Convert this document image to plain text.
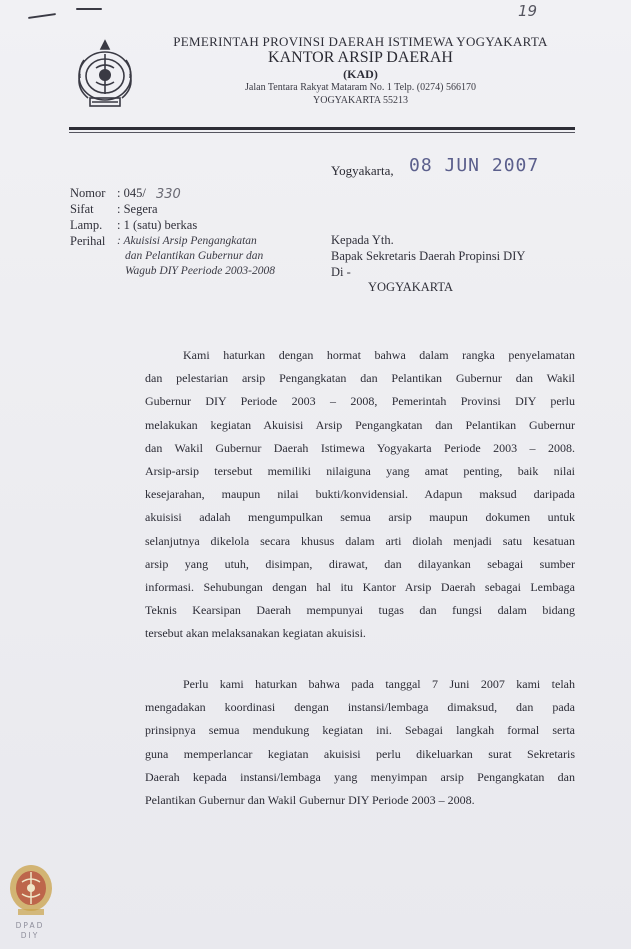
19
PEMERINTAH PROVINSI DAERAH ISTIMEWA YOGYAKARTA
KANTOR ARSIP DAERAH
(KAD)
Jalan Tentara Rakyat Mataram No. 1 Telp. (0274) 566170
YOGYAKARTA 55213
Yogyakarta, 08 JUN 2007
Nomor : 045/ 330
Sifat : Segera
Lamp. : 1 (satu) berkas
Perihal : Akuisisi Arsip Pengangkatan
dan Pelantikan Gubernur dan
Wagub DIY Peeriode 2003-2008
Kepada Yth.
Bapak Sekretaris Daerah Propinsi DIY
Di -
YOGYAKARTA
Kami haturkan dengan hormat bahwa dalam rangka penyelamatan
dan pelestarian arsip Pengangkatan dan Pelantikan Gubernur dan Wakil
Gubernur DIY Periode 2003 – 2008, Pemerintah Provinsi DIY perlu
melakukan kegiatan Akuisisi Arsip Pengangkatan dan Pelantikan Gubernur
dan Wakil Gubernur Daerah Istimewa Yogyakarta Periode 2003 – 2008.
Arsip-arsip tersebut memiliki nilaiguna yang amat penting, baik nilai
kesejarahan, maupun nilai bukti/konvidensial. Adapun maksud daripada
akuisisi adalah mengumpulkan semua arsip maupun dokumen untuk
selanjutnya dikelola secara khusus dalam arti diolah menjadi satu kesatuan
arsip yang utuh, disimpan, dirawat, dan dilayankan sebagai sumber
informasi. Sehubungan dengan hal itu Kantor Arsip Daerah sebagai Lembaga
Teknis Kearsipan Daerah mempunyai tugas dan fungsi dalam bidang
tersebut akan melaksanakan kegiatan akuisisi.
Perlu kami haturkan bahwa pada tanggal 7 Juni 2007 kami telah
mengadakan koordinasi dengan instansi/lembaga dimaksud, dan pada
prinsipnya semua mendukung kegiatan ini. Sebagai langkah formal serta
guna memperlancar kegiatan akuisisi perlu dikeluarkan surat Sekretaris
Daerah kepada instansi/lembaga yang menyimpan arsip Pengangkatan dan
Pelantikan Gubernur dan Wakil Gubernur DIY Periode 2003 – 2008.
DPAD
DIY
